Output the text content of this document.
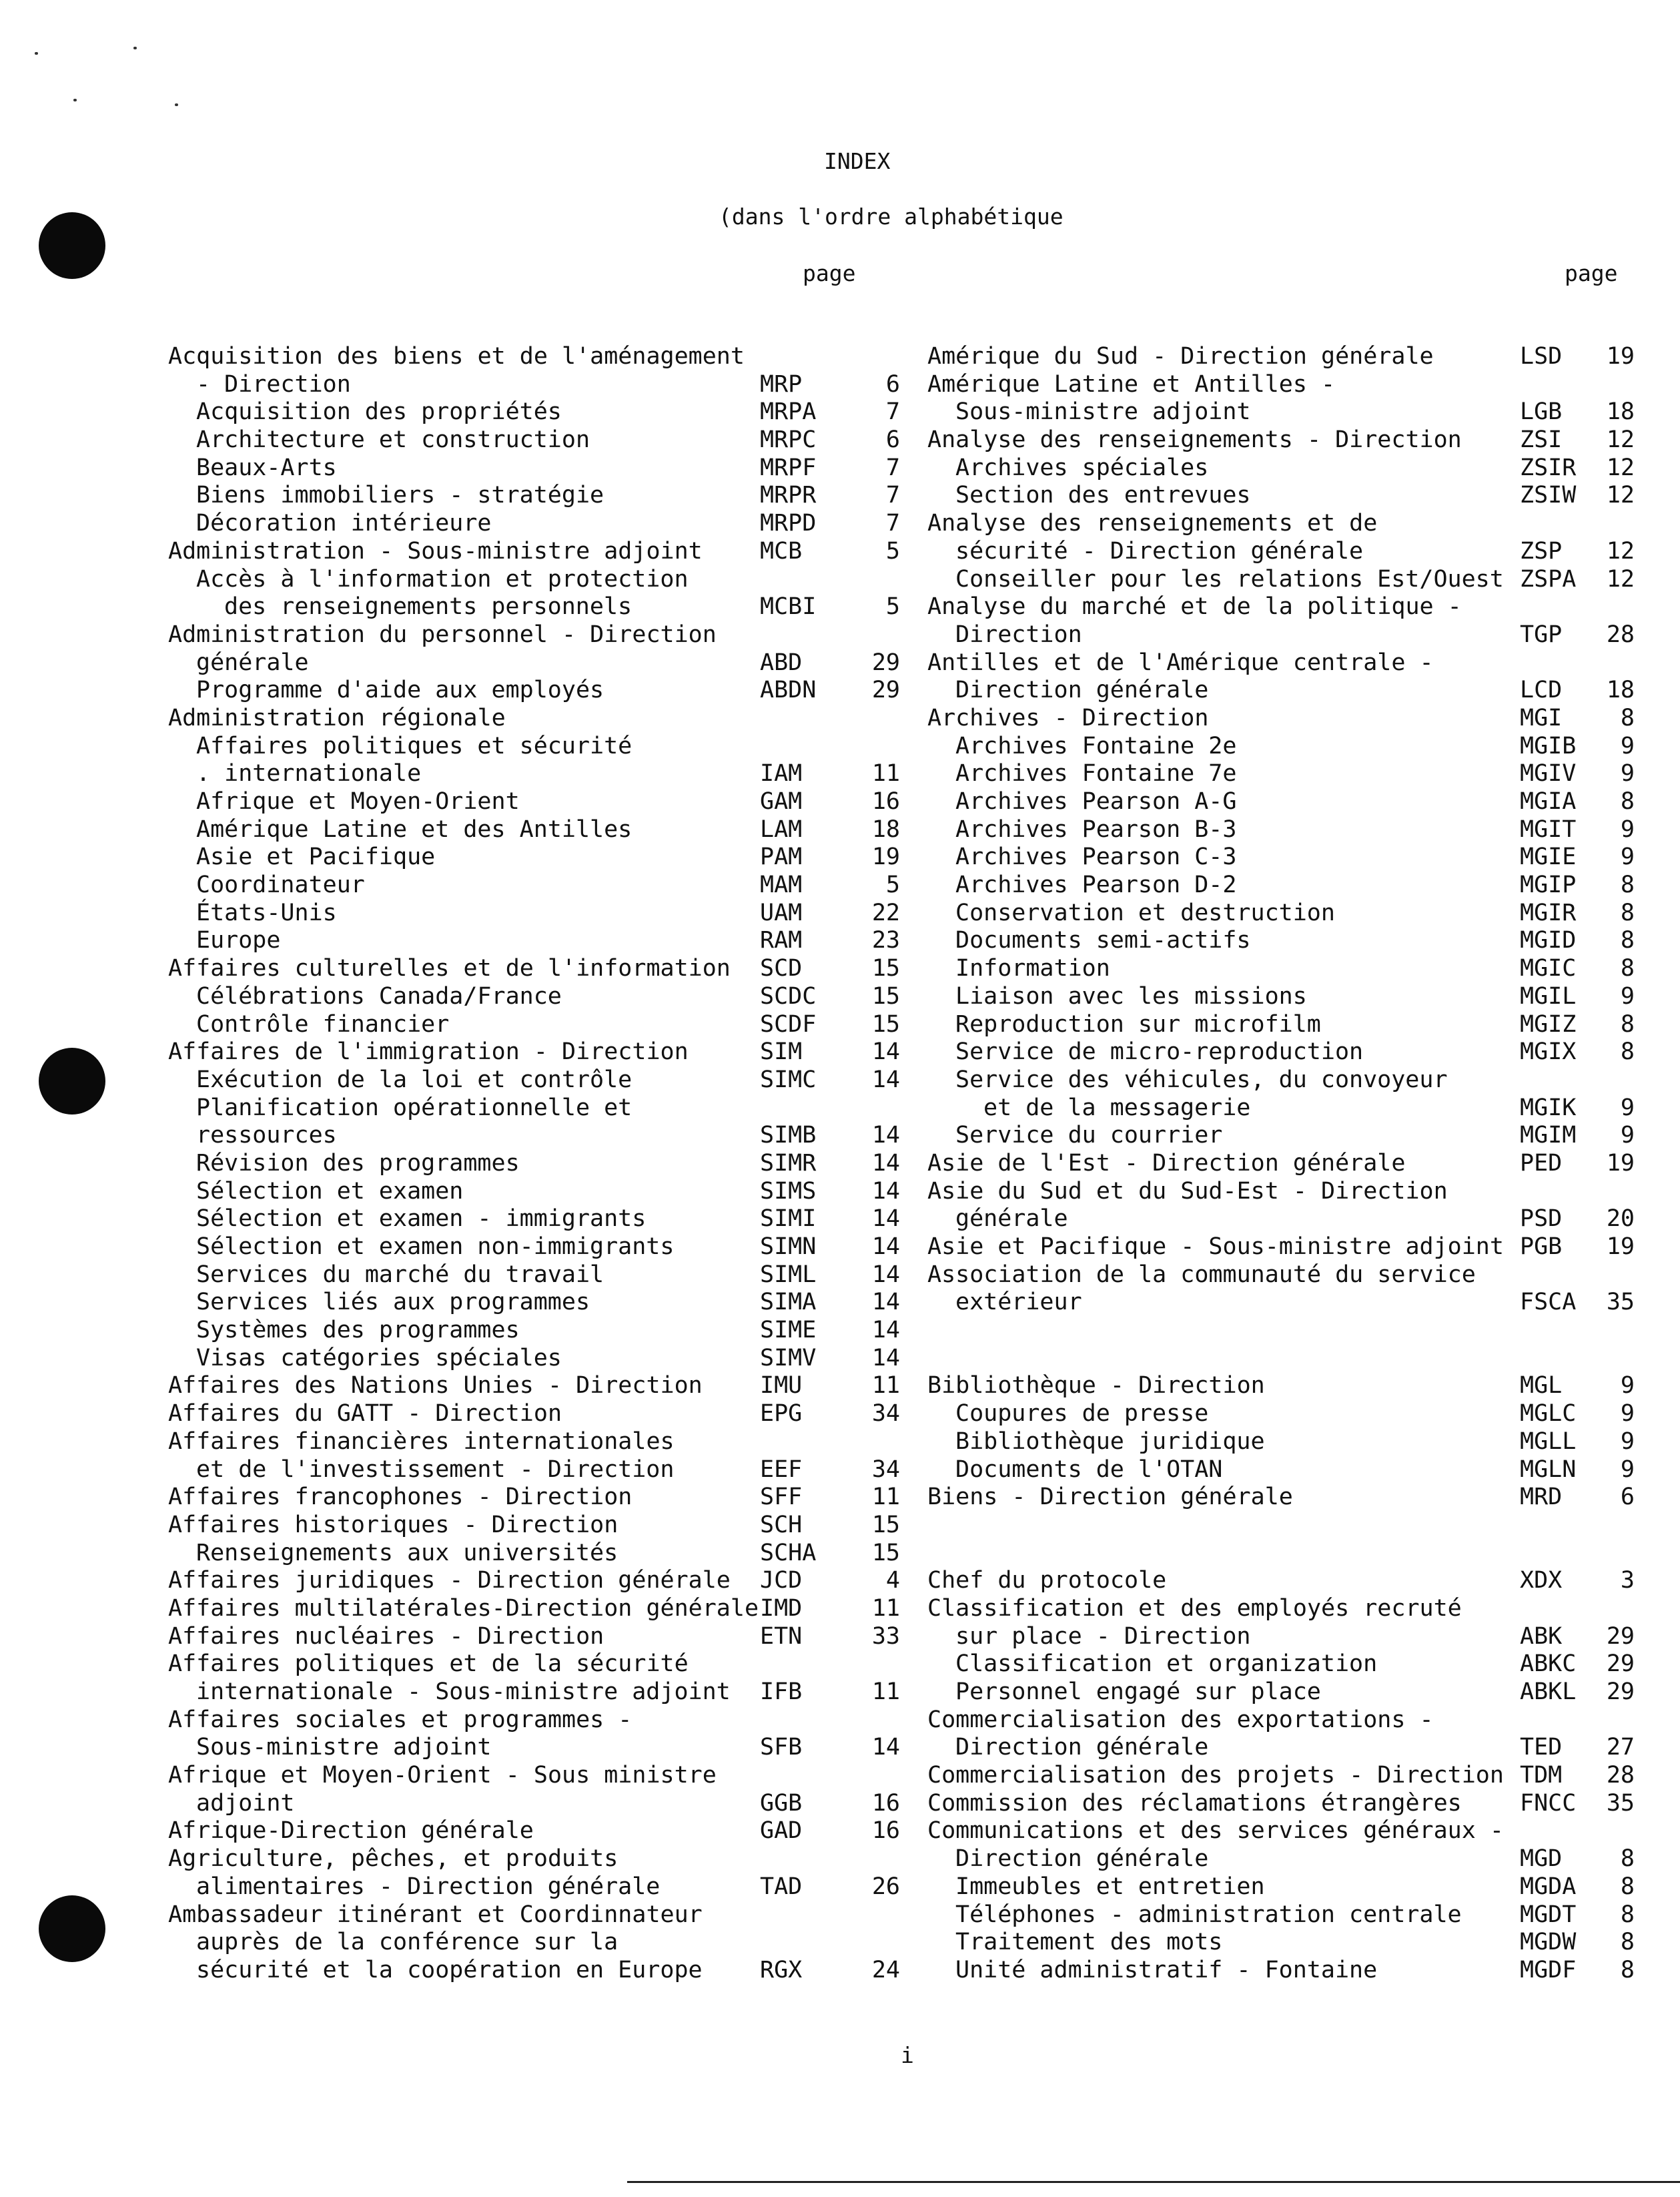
INDEX
(dans l'ordre alphabétique
page	page
Acquisition des biens et de l'aménagement
- Direction	MRP	6
Acquisition des propriétés	MRPA	7
Architecture et construction	MRPC	6
Beaux-Arts	MRPF	7
Biens immobiliers - stratégie	MRPR	7
Décoration intérieure	MRPD	7
Administration - Sous-ministre adjoint MCB	5
Accès à l'information et protection
des renseignements personnels	MCBI	5
Administration du personnel - Direction
générale	ABD	29
Programme d'aide aux employés	ABDN	29
Administration régionale
Affaires politiques et sécurité
. internationale	IAM	11
Afrique et Moyen-Orient	GAM	16
Amérique Latine et des Antilles	LAM	18
Asie et Pacifique	PAM	19
Coordinateur	MAM	5
États-Unis	UAM	22
Europe	RAM	23
Affaires culturelles et de l'information SCD	15
Célébrations Canada/France	SCDC	15
Contrôle financier	SCDF	15
Affaires de l'immigration - Direction	SIM	14
Exécution de la loi et contrôle	SIMC	14
Planification opérationnelle et
ressources	SIMB	14
Révision des programmes	SIMR	14
Sélection et examen	SIMS	14
Sélection et examen - immigrants	SIMI	14
Sélection et examen non-immigrants	SIMN	14
Services du marché du travail	SIML	14
Services liés aux programmes	SIMA	14
Systèmes des programmes	SIME	14
Visas catégories spéciales	SIMV	14
Affaires des Nations Unies - Direction IMU	11
Affaires du GATT - Direction	EPG	34
Affaires financières internationales
et de l'investissement - Direction	EEF	34
Affaires francophones - Direction	SFF	11
Affaires historiques - Direction	SCH	15
Renseignements aux universités	SCHA	15
Affaires juridiques - Direction générale JCD	4
Affaires multilatérales-Direction générale IMD	11
Affaires nucléaires - Direction	ETN	33
Affaires politiques et de la sécurité
internationale - Sous-ministre adjoint IFB	11
Affaires sociales et programmes -
Sous-ministre adjoint	SFB	14
Afrique et Moyen-Orient - Sous ministre
adjoint	GGB	16
Afrique-Direction générale	GAD	16
Agriculture, pêches, et produits
alimentaires - Direction générale	TAD	26
Ambassadeur itinérant et Coordinnateur
auprès de la conférence sur la
sécurité et la coopération en Europe RGX	24
Amérique du Sud - Direction générale	LSD	19
Amérique Latine et Antilles -
Sous-ministre adjoint	LGB	18
Analyse des renseignements - Direction ZSI	12
Archives spéciales	ZSIR	12
Section des entrevues	ZSIW	12
Analyse des renseignements et de
sécurité - Direction générale	ZSP	12
Conseiller pour les relations Est/Ouest ZSPA	12
Analyse du marché et de la politique -
Direction	TGP	28
Antilles et de l'Amérique centrale -
Direction générale	LCD	18
Archives - Direction	MGI	8
Archives Fontaine 2e	MGIB	9
Archives Fontaine 7e	MGIV	9
Archives Pearson A-G	MGIA	8
Archives Pearson B-3	MGIT	9
Archives Pearson C-3	MGIE	9
Archives Pearson D-2	MGIP	8
Conservation et destruction	MGIR	8
Documents semi-actifs	MGID	8
Information	MGIC	8
Liaison avec les missions	MGIL	9
Reproduction sur microfilm	MGIZ	8
Service de micro-reproduction	MGIX	8
Service des véhicules, du convoyeur
et de la messagerie	MGIK	9
Service du courrier	MGIM	9
Asie de l'Est - Direction générale	PED	19
Asie du Sud et du Sud-Est - Direction
générale	PSD	20
Asie et Pacifique - Sous-ministre adjoint PGB	19
Association de la communauté du service
extérieur	FSCA	35
Bibliothèque - Direction	MGL	9
Coupures de presse	MGLC	9
Bibliothèque juridique	MGLL	9
Documents de l'OTAN	MGLN	9
Biens - Direction générale	MRD	6
Chef du protocole	XDX	3
Classification et des employés recruté
sur place - Direction	ABK	29
Classification et organization	ABKC	29
Personnel engagé sur place	ABKL	29
Commercialisation des exportations -
Direction générale	TED	27
Commercialisation des projets - Direction TDM	28
Commission des réclamations étrangères FNCC	35
Communications et des services généraux -
Direction générale	MGD	8
Immeubles et entretien	MGDA	8
Téléphones - administration centrale MGDT	8
Traitement des mots	MGDW	8
Unité administratif - Fontaine	MGDF	8
i
